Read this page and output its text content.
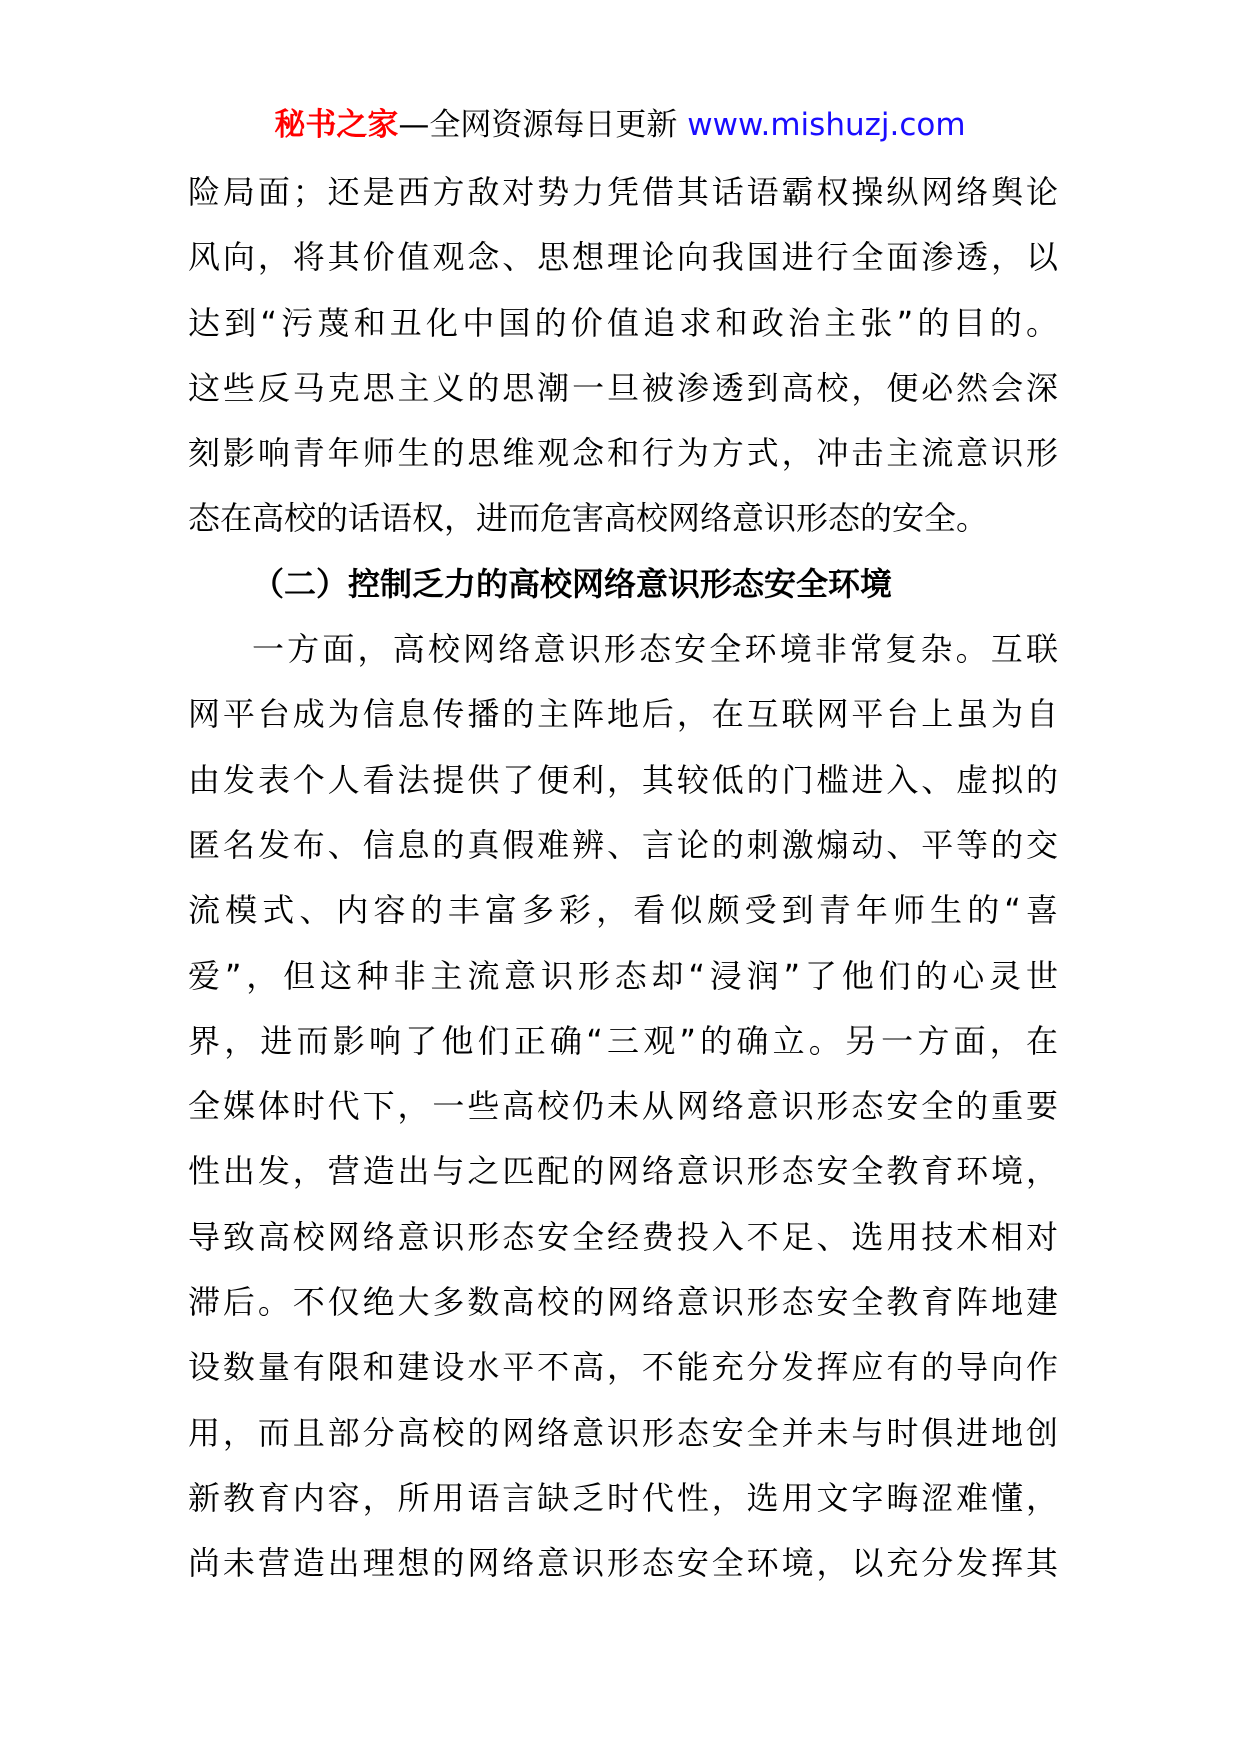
秘书之家—全网资源每日更新 www.mishuzj.com
险局面；还是西方敌对势力凭借其话语霸权操纵网络舆论
风向，将其价值观念、思想理论向我国进行全面渗透，以
达到“污蔑和丑化中国的价值追求和政治主张”的目的。
这些反马克思主义的思潮一旦被渗透到高校，便必然会深
刻影响青年师生的思维观念和行为方式，冲击主流意识形
态在高校的话语权，进而危害高校网络意识形态的安全。
（二）控制乏力的高校网络意识形态安全环境
一方面，高校网络意识形态安全环境非常复杂。互联
网平台成为信息传播的主阵地后，在互联网平台上虽为自
由发表个人看法提供了便利，其较低的门槛进入、虚拟的
匿名发布、信息的真假难辨、言论的刺激煽动、平等的交
流模式、内容的丰富多彩，看似颇受到青年师生的“喜
爱”，但这种非主流意识形态却“浸润”了他们的心灵世
界，进而影响了他们正确“三观”的确立。另一方面，在
全媒体时代下，一些高校仍未从网络意识形态安全的重要
性出发，营造出与之匹配的网络意识形态安全教育环境，
导致高校网络意识形态安全经费投入不足、选用技术相对
滞后。不仅绝大多数高校的网络意识形态安全教育阵地建
设数量有限和建设水平不高，不能充分发挥应有的导向作
用，而且部分高校的网络意识形态安全并未与时俱进地创
新教育内容，所用语言缺乏时代性，选用文字晦涩难懂，
尚未营造出理想的网络意识形态安全环境，以充分发挥其
